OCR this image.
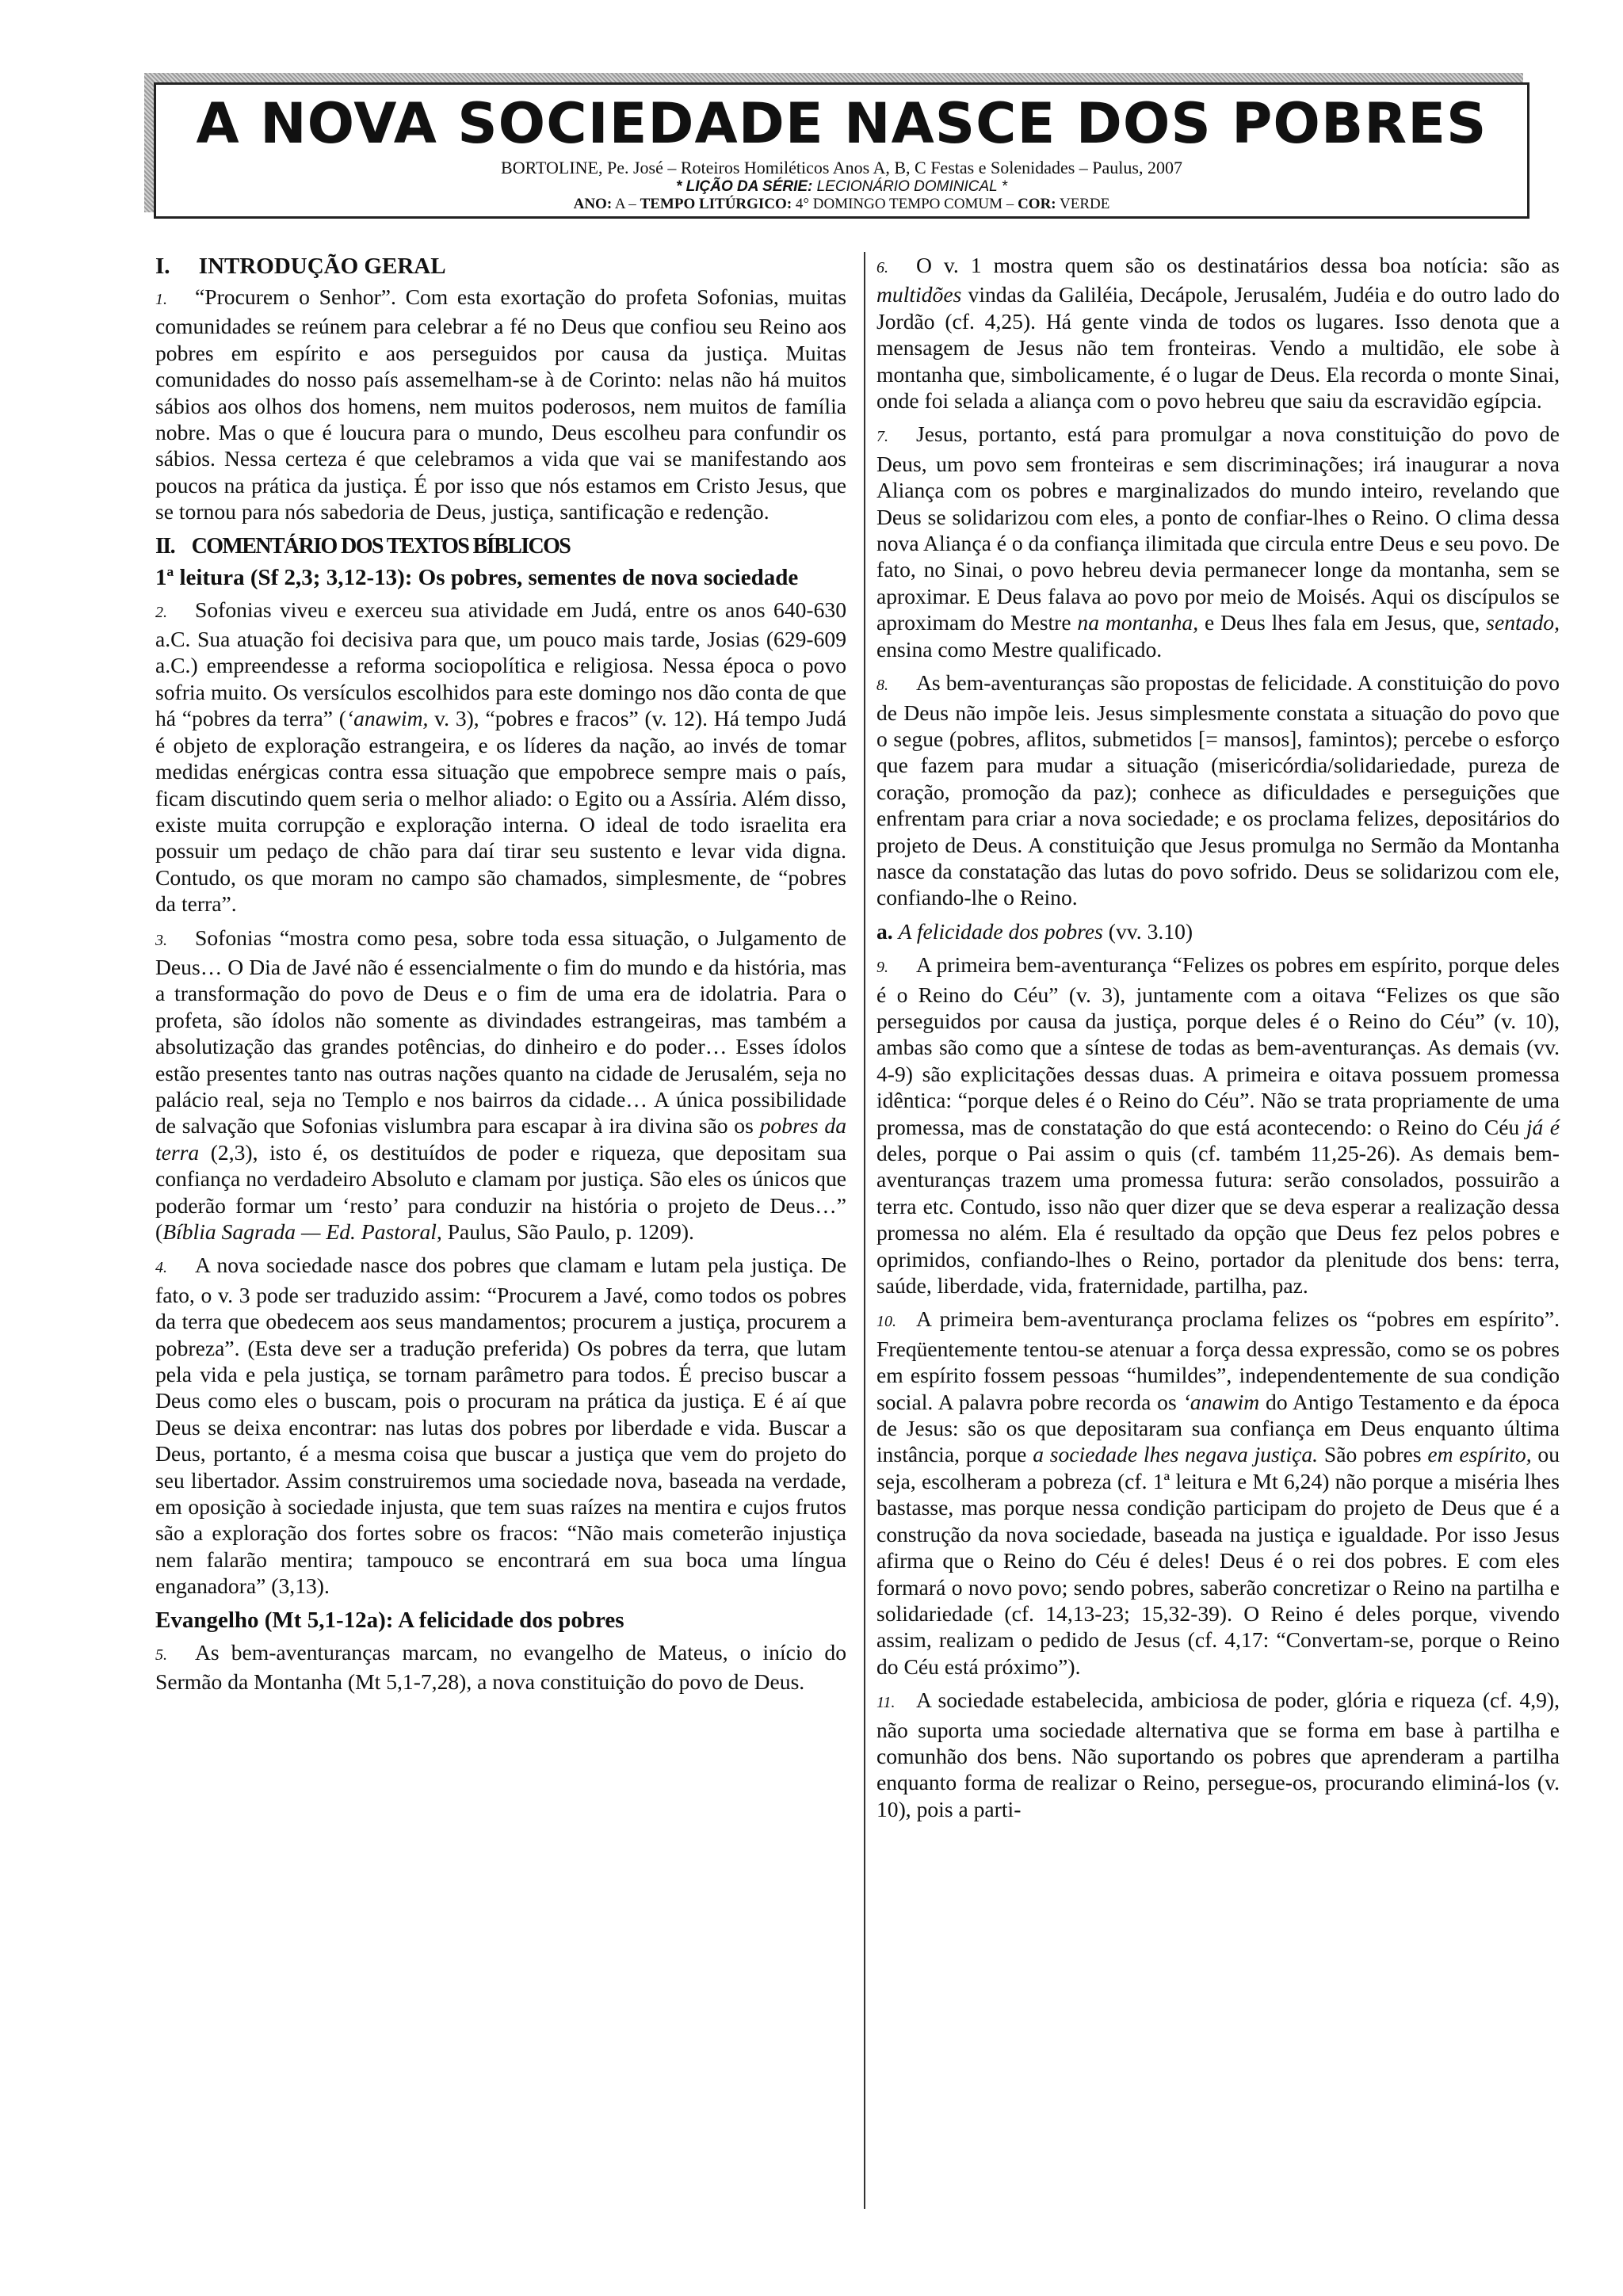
A NOVA SOCIEDADE NASCE DOS POBRES
BORTOLINE, Pe. José – Roteiros Homiléticos Anos A, B, C Festas e Solenidades – Paulus, 2007
* LIÇÃO DA SÉRIE: LECIONÁRIO DOMINICAL *
ANO: A – TEMPO LITÚRGICO: 4° DOMINGO TEMPO COMUM – COR: VERDE
I.     INTRODUÇÃO GERAL

1. “Procurem o Senhor”. Com esta exortação do profeta Sofonias, muitas comunidades se reúnem para celebrar a fé no Deus que confiou seu Reino aos pobres em espírito e aos perseguidos por causa da justiça. Muitas comunidades do nosso país assemelham-se à de Corinto: nelas não há muitos sábios aos olhos dos homens, nem muitos poderosos, nem muitos de família nobre. Mas o que é loucura para o mundo, Deus escolheu para confundir os sábios. Nessa certeza é que celebramos a vida que vai se manifestando aos poucos na prática da justiça. É por isso que nós estamos em Cristo Jesus, que se tornou para nós sabedoria de Deus, justiça, santificação e redenção.

II.    COMENTÁRIO DOS TEXTOS BÍBLICOS
1ª leitura (Sf 2,3; 3,12-13): Os pobres, sementes de nova sociedade

2. Sofonias viveu e exerceu sua atividade em Judá, entre os anos 640-630 a.C. Sua atuação foi decisiva para que, um pouco mais tarde, Josias (629-609 a.C.) empreendesse a reforma sociopolítica e religiosa. Nessa época o povo sofria muito. Os versículos escolhidos para este domingo nos dão conta de que há “pobres da terra” (‘anawim, v. 3), “pobres e fracos” (v. 12). Há tempo Judá é objeto de exploração estrangeira, e os líderes da nação, ao invés de tomar medidas enérgicas contra essa situação que empobrece sempre mais o país, ficam discutindo quem seria o melhor aliado: o Egito ou a Assíria. Além disso, existe muita corrupção e exploração interna. O ideal de todo israelita era possuir um pedaço de chão para daí tirar seu sustento e levar vida digna. Contudo, os que moram no campo são chamados, simplesmente, de “pobres da terra”.

3. Sofonias “mostra como pesa, sobre toda essa situação, o Julgamento de Deus… O Dia de Javé não é essencialmente o fim do mundo e da história, mas a transformação do povo de Deus e o fim de uma era de idolatria. Para o profeta, são ídolos não somente as divindades estrangeiras, mas também a absolutização das grandes potências, do dinheiro e do poder… Esses ídolos estão presentes tanto nas outras nações quanto na cidade de Jerusalém, seja no palácio real, seja no Templo e nos bairros da cidade… A única possibilidade de salvação que Sofonias vislumbra para escapar à ira divina são os pobres da terra (2,3), isto é, os destituídos de poder e riqueza, que depositam sua confiança no verdadeiro Absoluto e clamam por justiça. São eles os únicos que poderão formar um ‘resto’ para conduzir na história o projeto de Deus…” (Bíblia Sagrada — Ed. Pastoral, Paulus, São Paulo, p. 1209).

4. A nova sociedade nasce dos pobres que clamam e lutam pela justiça. De fato, o v. 3 pode ser traduzido assim: “Procurem a Javé, como todos os pobres da terra que obedecem aos seus mandamentos; procurem a justiça, procurem a pobreza”. (Esta deve ser a tradução preferida) Os pobres da terra, que lutam pela vida e pela justiça, se tornam parâmetro para todos. É preciso buscar a Deus como eles o buscam, pois o procuram na prática da justiça. E é aí que Deus se deixa encontrar: nas lutas dos pobres por liberdade e vida. Buscar a Deus, portanto, é a mesma coisa que buscar a justiça que vem do projeto do seu libertador. Assim construiremos uma sociedade nova, baseada na verdade, em oposição à sociedade injusta, que tem suas raízes na mentira e cujos frutos são a exploração dos fortes sobre os fracos: “Não mais cometerão injustiça nem falarão mentira; tampouco se encontrará em sua boca uma língua enganadora” (3,13).

Evangelho (Mt 5,1-12a): A felicidade dos pobres

5. As bem-aventuranças marcam, no evangelho de Mateus, o início do Sermão da Montanha (Mt 5,1-7,28), a nova constituição do povo de Deus.

6. O v. 1 mostra quem são os destinatários dessa boa notícia: são as multidões vindas da Galiléia, Decápole, Jerusalém, Judéia e do outro lado do Jordão (cf. 4,25). Há gente vinda de todos os lugares. Isso denota que a mensagem de Jesus não tem fronteiras. Vendo a multidão, ele sobe à montanha que, simbolicamente, é o lugar de Deus. Ela recorda o monte Sinai, onde foi selada a aliança com o povo hebreu que saiu da escravidão egípcia.

7. Jesus, portanto, está para promulgar a nova constituição do povo de Deus, um povo sem fronteiras e sem discriminações; irá inaugurar a nova Aliança com os pobres e marginalizados do mundo inteiro, revelando que Deus se solidarizou com eles, a ponto de confiar-lhes o Reino. O clima dessa nova Aliança é o da confiança ilimitada que circula entre Deus e seu povo. De fato, no Sinai, o povo hebreu devia permanecer longe da montanha, sem se aproximar. E Deus falava ao povo por meio de Moisés. Aqui os discípulos se aproximam do Mestre na montanha, e Deus lhes fala em Jesus, que, sentado, ensina como Mestre qualificado.

8. As bem-aventuranças são propostas de felicidade. A constituição do povo de Deus não impõe leis. Jesus simplesmente constata a situação do povo que o segue (pobres, aflitos, submetidos [= mansos], famintos); percebe o esforço que fazem para mudar a situação (misericórdia/solidariedade, pureza de coração, promoção da paz); conhece as dificuldades e perseguições que enfrentam para criar a nova sociedade; e os proclama felizes, depositários do projeto de Deus. A constituição que Jesus promulga no Sermão da Montanha nasce da constatação das lutas do povo sofrido. Deus se solidarizou com ele, confiando-lhe o Reino.

a. A felicidade dos pobres (vv. 3.10)

9. A primeira bem-aventurança “Felizes os pobres em espírito, porque deles é o Reino do Céu” (v. 3), juntamente com a oitava “Felizes os que são perseguidos por causa da justiça, porque deles é o Reino do Céu” (v. 10), ambas são como que a síntese de todas as bem-aventuranças. As demais (vv. 4-9) são explicitações dessas duas. A primeira e oitava possuem promessa idêntica: “porque deles é o Reino do Céu”. Não se trata propriamente de uma promessa, mas de constatação do que está acontecendo: o Reino do Céu já é deles, porque o Pai assim o quis (cf. também 11,25-26). As demais bem-aventuranças trazem uma promessa futura: serão consolados, possuirão a terra etc. Contudo, isso não quer dizer que se deva esperar a realização dessa promessa no além. Ela é resultado da opção que Deus fez pelos pobres e oprimidos, confiando-lhes o Reino, portador da plenitude dos bens: terra, saúde, liberdade, vida, fraternidade, partilha, paz.

10. A primeira bem-aventurança proclama felizes os “pobres em espírito”. Freqüentemente tentou-se atenuar a força dessa expressão, como se os pobres em espírito fossem pessoas “humildes”, independentemente de sua condição social. A palavra pobre recorda os ‘anawim do Antigo Testamento e da época de Jesus: são os que depositaram sua confiança em Deus enquanto última instância, porque a sociedade lhes negava justiça. São pobres em espírito, ou seja, escolheram a pobreza (cf. 1ª leitura e Mt 6,24) não porque a miséria lhes bastasse, mas porque nessa condição participam do projeto de Deus que é a construção da nova sociedade, baseada na justiça e igualdade. Por isso Jesus afirma que o Reino do Céu é deles! Deus é o rei dos pobres. E com eles formará o novo povo; sendo pobres, saberão concretizar o Reino na partilha e solidariedade (cf. 14,13-23; 15,32-39). O Reino é deles porque, vivendo assim, realizam o pedido de Jesus (cf. 4,17: “Convertam-se, porque o Reino do Céu está próximo”).

11. A sociedade estabelecida, ambiciosa de poder, glória e riqueza (cf. 4,9), não suporta uma sociedade alternativa que se forma em base à partilha e comunhão dos bens. Não suportando os pobres que aprenderam a partilha enquanto forma de realizar o Reino, persegue-os, procurando eliminá-los (v. 10), pois a parti-
